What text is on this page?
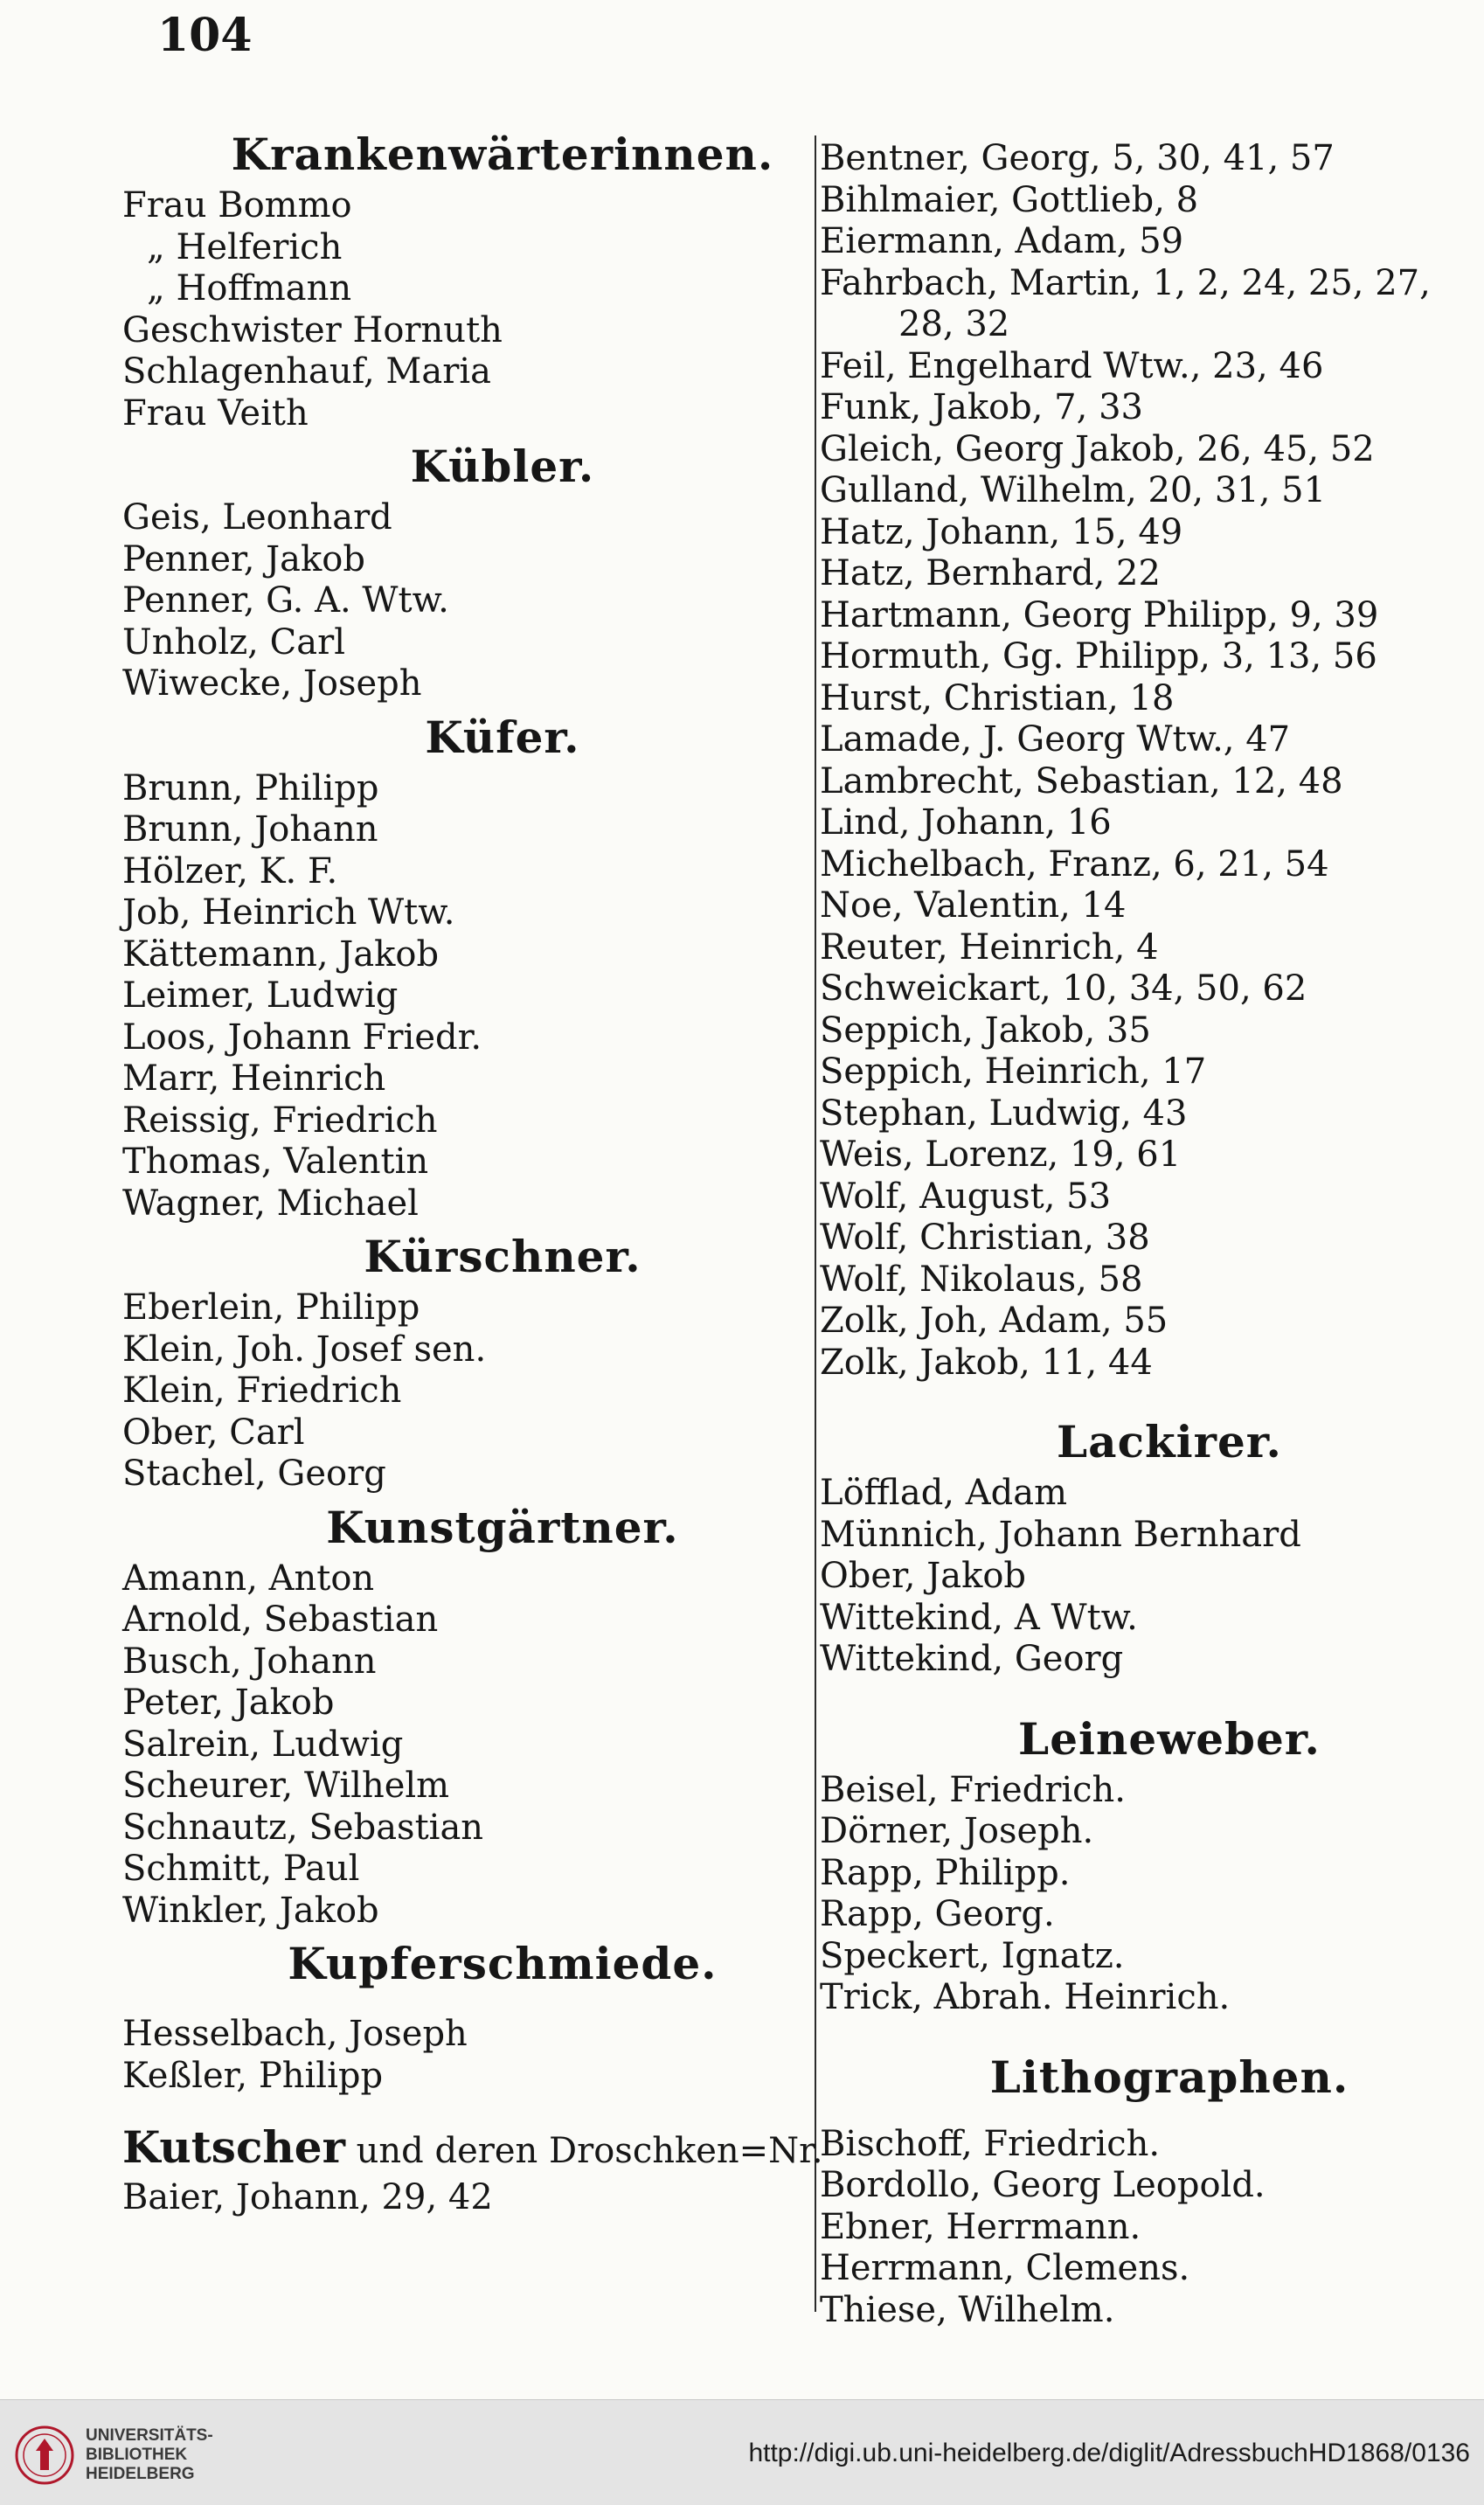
104
Krankenwärterinnen.
Frau Bommo
„ Helferich
„ Hoffmann
Geschwister Hornuth
Schlagenhauf, Maria
Frau Veith
Kübler.
Geis, Leonhard
Penner, Jakob
Penner, G. A. Wtw.
Unholz, Carl
Wiwecke, Joseph
Küfer.
Brunn, Philipp
Brunn, Johann
Hölzer, K. F.
Job, Heinrich Wtw.
Kättemann, Jakob
Leimer, Ludwig
Loos, Johann Friedr.
Marr, Heinrich
Reissig, Friedrich
Thomas, Valentin
Wagner, Michael
Kürschner.
Eberlein, Philipp
Klein, Joh. Josef sen.
Klein, Friedrich
Ober, Carl
Stachel, Georg
Kunstgärtner.
Amann, Anton
Arnold, Sebastian
Busch, Johann
Peter, Jakob
Salrein, Ludwig
Scheurer, Wilhelm
Schnautz, Sebastian
Schmitt, Paul
Winkler, Jakob
Kupferschmiede.
Hesselbach, Joseph
Keßler, Philipp
Kutscher und deren Droschken=Nr.
Baier, Johann, 29, 42
Bentner, Georg, 5, 30, 41, 57
Bihlmaier, Gottlieb, 8
Eiermann, Adam, 59
Fahrbach, Martin, 1, 2, 24, 25, 27,
28, 32
Feil, Engelhard Wtw., 23, 46
Funk, Jakob, 7, 33
Gleich, Georg Jakob, 26, 45, 52
Gulland, Wilhelm, 20, 31, 51
Hatz, Johann, 15, 49
Hatz, Bernhard, 22
Hartmann, Georg Philipp, 9, 39
Hormuth, Gg. Philipp, 3, 13, 56
Hurst, Christian, 18
Lamade, J. Georg Wtw., 47
Lambrecht, Sebastian, 12, 48
Lind, Johann, 16
Michelbach, Franz, 6, 21, 54
Noe, Valentin, 14
Reuter, Heinrich, 4
Schweickart, 10, 34, 50, 62
Seppich, Jakob, 35
Seppich, Heinrich, 17
Stephan, Ludwig, 43
Weis, Lorenz, 19, 61
Wolf, August, 53
Wolf, Christian, 38
Wolf, Nikolaus, 58
Zolk, Joh, Adam, 55
Zolk, Jakob, 11, 44
Lackirer.
Löfflad, Adam
Münnich, Johann Bernhard
Ober, Jakob
Wittekind, A Wtw.
Wittekind, Georg
Leineweber.
Beisel, Friedrich.
Dörner, Joseph.
Rapp, Philipp.
Rapp, Georg.
Speckert, Ignatz.
Trick, Abrah. Heinrich.
Lithographen.
Bischoff, Friedrich.
Bordollo, Georg Leopold.
Ebner, Herrmann.
Herrmann, Clemens.
Thiese, Wilhelm.
UNIVERSITÄTS-
BIBLIOTHEK
HEIDELBERG
http://digi.ub.uni-heidelberg.de/diglit/AdressbuchHD1868/0136
